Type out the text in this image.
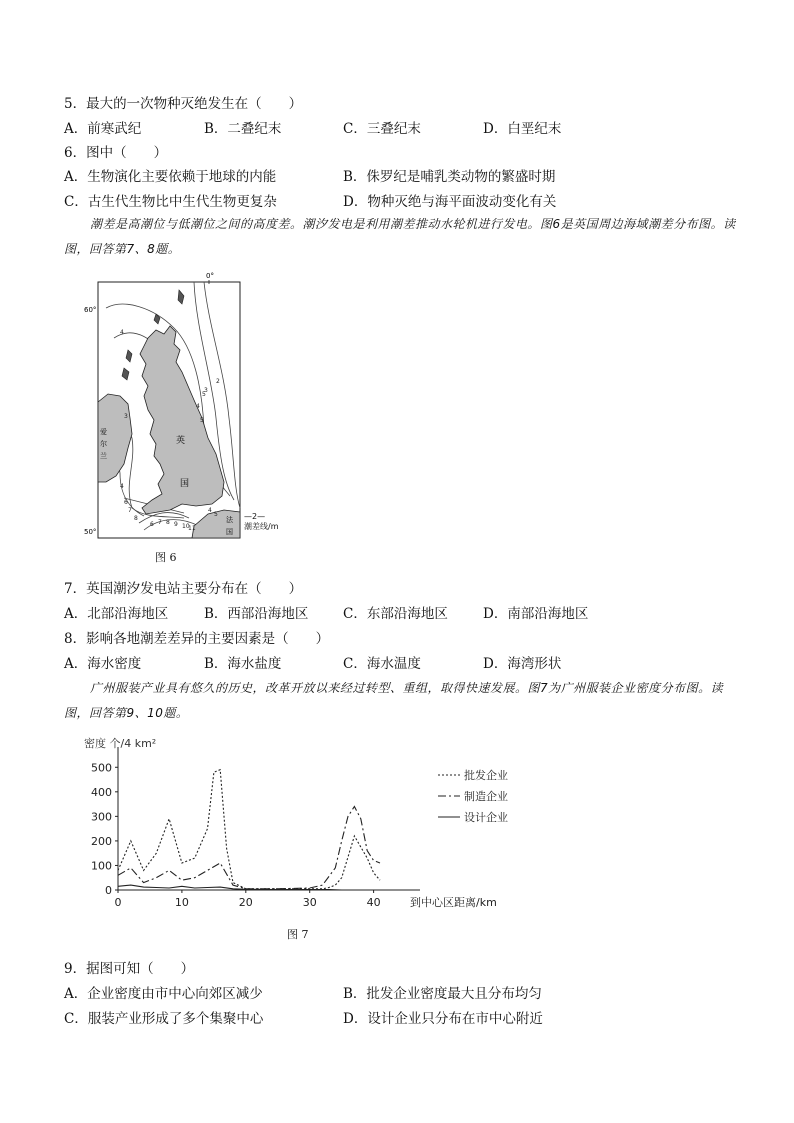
5．最大的一次物种灭绝发生在（　　）
A．前寒武纪	B．二叠纪末	C．三叠纪末	D．白垩纪末
6．图中（　　）
A．生物演化主要依赖于地球的内能	B．侏罗纪是哺乳类动物的繁盛时期
C．古生代生物比中生代生物更复杂	D．物种灭绝与海平面波动变化有关
潮差是高潮位与低潮位之间的高度差。潮汐发电是利用潮差推动水轮机进行发电。图6是英国周边海域潮差分布图。读图，回答第7、8题。
0°
60°
50°
英
国
爱
尔
兰
法
国
2
3
4
5
4
5
3
4
6
7
8
4
5
6 7 8 9 10
11
—2—
潮差线/m
图 6
7．英国潮汐发电站主要分布在（　　）
A．北部沿海地区	B．西部沿海地区	C．东部沿海地区	D．南部沿海地区
8．影响各地潮差差异的主要因素是（　　）
A．海水密度	B．海水盐度	C．海水温度	D．海湾形状
广州服装产业具有悠久的历史，改革开放以来经过转型、重组，取得快速发展。图7为广州服装企业密度分布图。读图，回答第9、10题。
0
100
200
300
400
500
0	10	20	30	40
密度 个/4 km²
到中心区距离/km
批发企业
制造企业
设计企业
图 7
9．据图可知（　　）
A．企业密度由市中心向郊区减少	B．批发企业密度最大且分布均匀
C．服装产业形成了多个集聚中心	D．设计企业只分布在市中心附近
